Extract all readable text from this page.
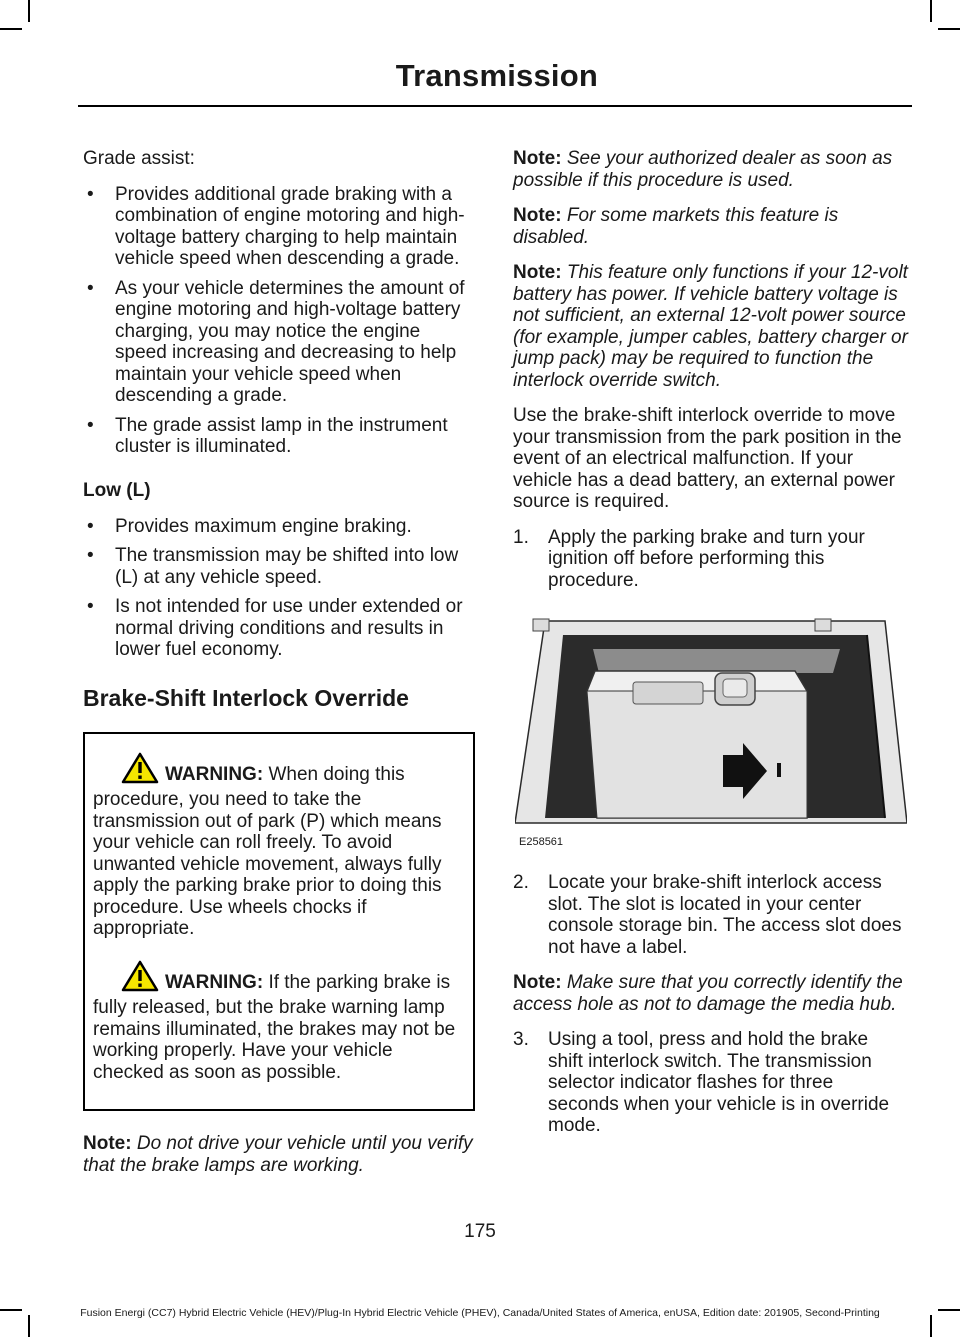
Transmission

Grade assist:

• Provides additional grade braking with a combination of engine motoring and high-voltage battery charging to help maintain vehicle speed when descending a grade.
• As your vehicle determines the amount of engine motoring and high-voltage battery charging, you may notice the engine speed increasing and decreasing to help maintain your vehicle speed when descending a grade.
• The grade assist lamp in the instrument cluster is illuminated.
Low (L)
• Provides maximum engine braking.
• The transmission may be shifted into low (L) at any vehicle speed.
• Is not intended for use under extended or normal driving conditions and results in lower fuel economy.
Brake-Shift Interlock Override

WARNING: When doing this procedure, you need to take the transmission out of park (P) which means your vehicle can roll freely. To avoid unwanted vehicle movement, always fully apply the parking brake prior to doing this procedure. Use wheels chocks if appropriate.

WARNING: If the parking brake is fully released, but the brake warning lamp remains illuminated, the brakes may not be working properly. Have your vehicle checked as soon as possible.

Note: Do not drive your vehicle until you verify that the brake lamps are working.

Note: See your authorized dealer as soon as possible if this procedure is used.

Note: For some markets this feature is disabled.

Note: This feature only functions if your 12-volt battery has power. If vehicle battery voltage is not sufficient, an external 12-volt power source (for example, jumper cables, battery charger or jump pack) may be required to function the interlock override switch.

Use the brake-shift interlock override to move your transmission from the park position in the event of an electrical malfunction. If your vehicle has a dead battery, an external power source is required.

1. Apply the parking brake and turn your ignition off before performing this procedure.
E258561
2. Locate your brake-shift interlock access slot. The slot is located in your center console storage bin. The access slot does not have a label.

Note: Make sure that you correctly identify the access hole as not to damage the media hub.

3. Using a tool, press and hold the brake shift interlock switch. The transmission selector indicator flashes for three seconds when your vehicle is in override mode.
175
Fusion Energi (CC7) Hybrid Electric Vehicle (HEV)/Plug-In Hybrid Electric Vehicle (PHEV), Canada/United States of America, enUSA, Edition date: 201905, Second-Printing
